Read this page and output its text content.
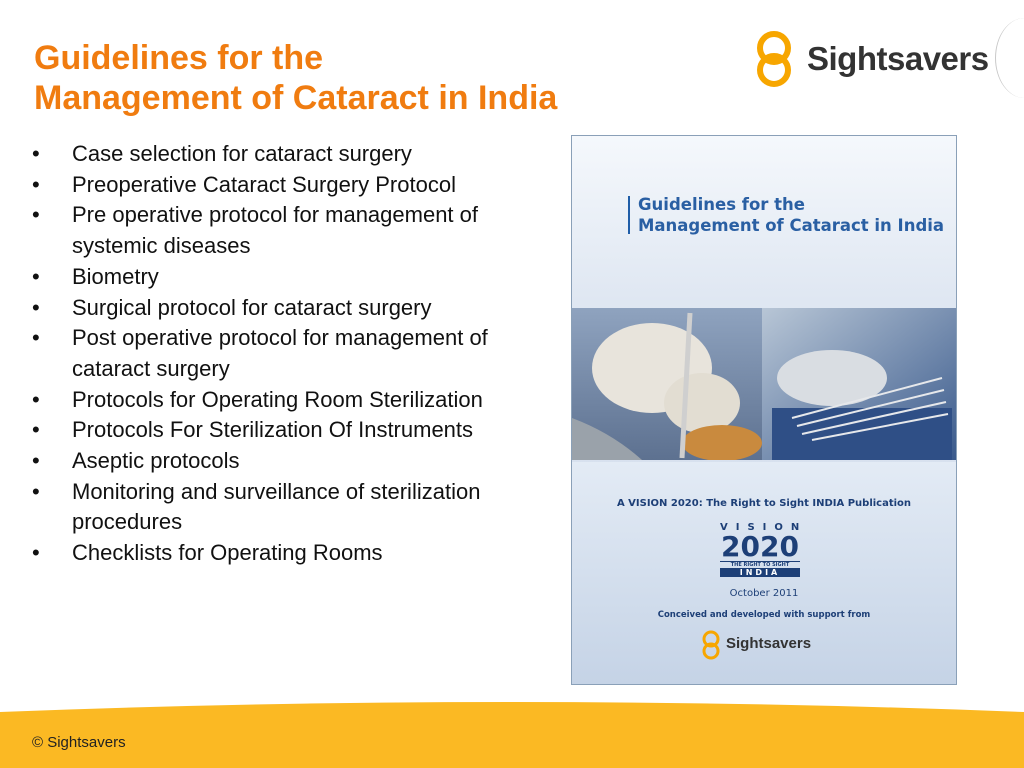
Guidelines for the
Management of Cataract in India
Sightsavers
• Case selection for cataract surgery
• Preoperative Cataract Surgery Protocol
• Pre operative protocol for management of systemic diseases
• Biometry
• Surgical protocol for cataract surgery
• Post operative protocol for management of cataract surgery
• Protocols for Operating Room Sterilization
• Protocols For Sterilization Of Instruments
• Aseptic protocols
• Monitoring and surveillance of sterilization procedures
• Checklists for Operating Rooms
Guidelines for the
Management of Cataract in India
A VISION 2020: The Right to Sight INDIA Publication
VISION
2020
THE RIGHT TO SIGHT
INDIA
October 2011
Conceived and developed with support from
Sightsavers
© Sightsavers
